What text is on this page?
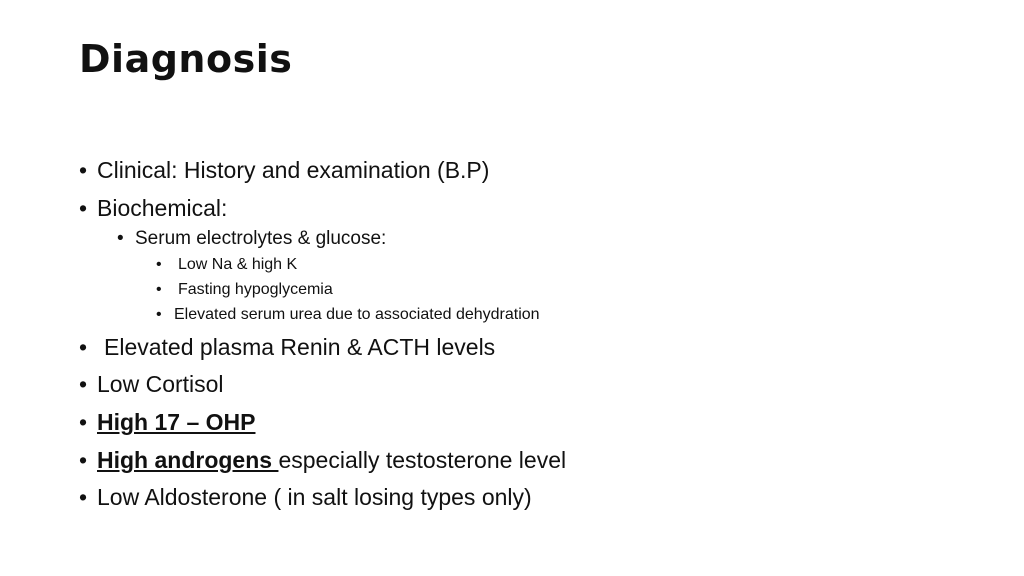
Diagnosis
• Clinical: History and examination (B.P)
• Biochemical:
• Serum electrolytes & glucose:
• Low Na & high K
• Fasting hypoglycemia
• Elevated serum urea due to associated dehydration
• Elevated plasma Renin & ACTH levels
• Low Cortisol
• High 17 – OHP
• High androgens especially testosterone level
• Low Aldosterone ( in salt losing types only)
